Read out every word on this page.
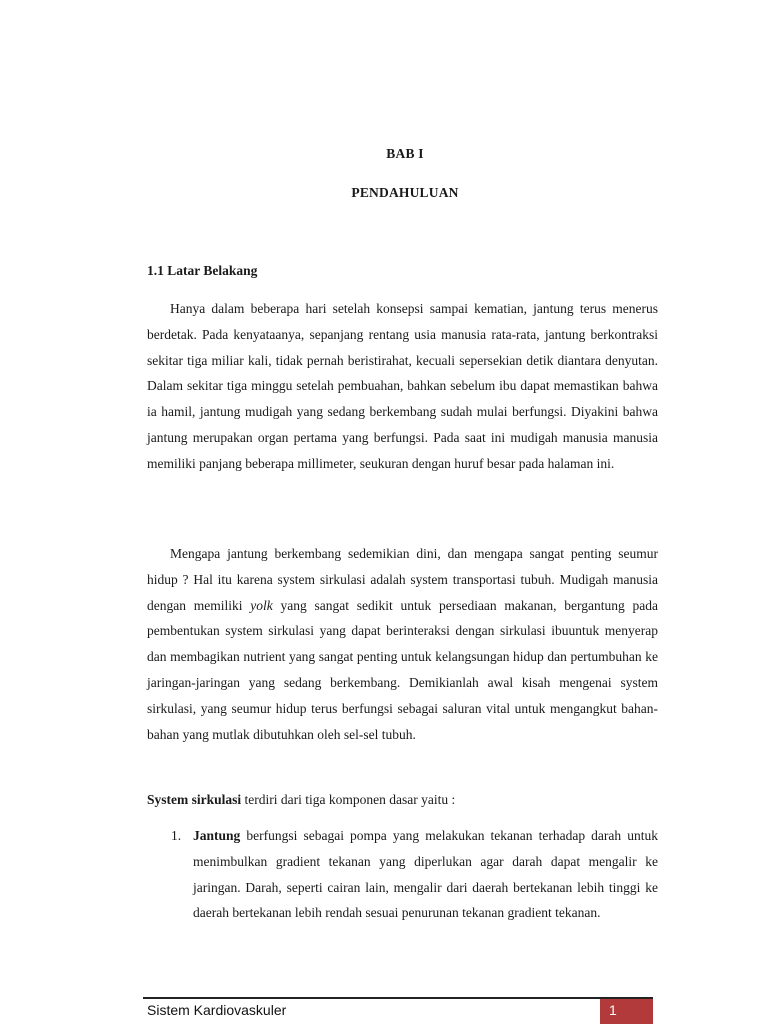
BAB I
PENDAHULUAN
1.1 Latar Belakang

Hanya dalam beberapa hari setelah konsepsi sampai kematian, jantung terus menerus berdetak. Pada kenyataanya, sepanjang rentang usia manusia rata-rata, jantung berkontraksi sekitar tiga miliar kali, tidak pernah beristirahat, kecuali sepersekian detik diantara denyutan. Dalam sekitar tiga minggu setelah pembuahan, bahkan sebelum ibu dapat memastikan bahwa ia hamil, jantung mudigah yang sedang berkembang sudah mulai berfungsi. Diyakini bahwa jantung merupakan organ pertama yang berfungsi. Pada saat ini mudigah manusia manusia memiliki panjang beberapa millimeter, seukuran dengan huruf besar pada halaman ini.

Mengapa jantung berkembang sedemikian dini, dan mengapa sangat penting seumur hidup ? Hal itu karena system sirkulasi adalah system transportasi tubuh. Mudigah manusia dengan memiliki yolk yang sangat sedikit untuk persediaan makanan, bergantung pada pembentukan system sirkulasi yang dapat berinteraksi dengan sirkulasi ibuuntuk menyerap dan membagikan nutrient yang sangat penting untuk kelangsungan hidup dan pertumbuhan ke jaringan-jaringan yang sedang berkembang. Demikianlah awal kisah mengenai system sirkulasi, yang seumur hidup terus berfungsi sebagai saluran vital untuk mengangkut bahan-bahan yang mutlak dibutuhkan oleh sel-sel tubuh.

System sirkulasi terdiri dari tiga komponen dasar yaitu :

1. Jantung berfungsi sebagai pompa yang melakukan tekanan terhadap darah untuk menimbulkan gradient tekanan yang diperlukan agar darah dapat mengalir ke jaringan. Darah, seperti cairan lain, mengalir dari daerah bertekanan lebih tinggi ke daerah bertekanan lebih rendah sesuai penurunan tekanan gradient tekanan.
Sistem Kardiovaskuler	1
